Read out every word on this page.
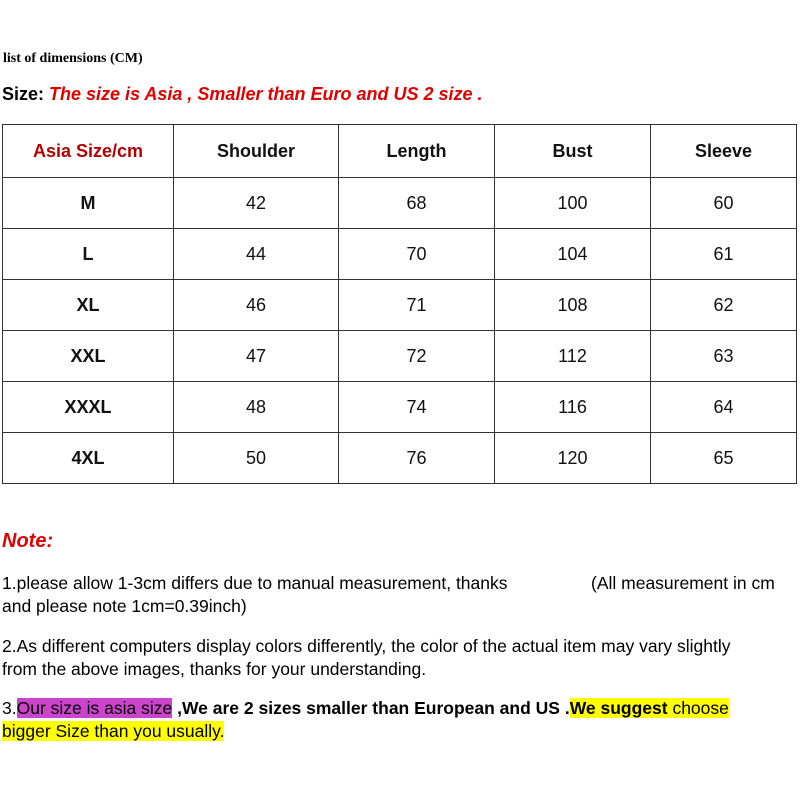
list of dimensions (CM)
Size: The size is Asia , Smaller than Euro and US 2 size .
Asia Size/cm	Shoulder	Length	Bust	Sleeve
M	42	68	100	60
L	44	70	104	61
XL	46	71	108	62
XXL	47	72	112	63
XXXL	48	74	116	64
4XL	50	76	120	65
Note:
1.please allow 1-3cm differs due to manual measurement, thanks	(All measurement in cm
and please note 1cm=0.39inch)
2.As different computers display colors differently, the color of the actual item may vary slightly
from the above images, thanks for your understanding.
3.Our size is asia size ,We are 2 sizes smaller than European and US .We suggest choose
bigger Size than you usually.
